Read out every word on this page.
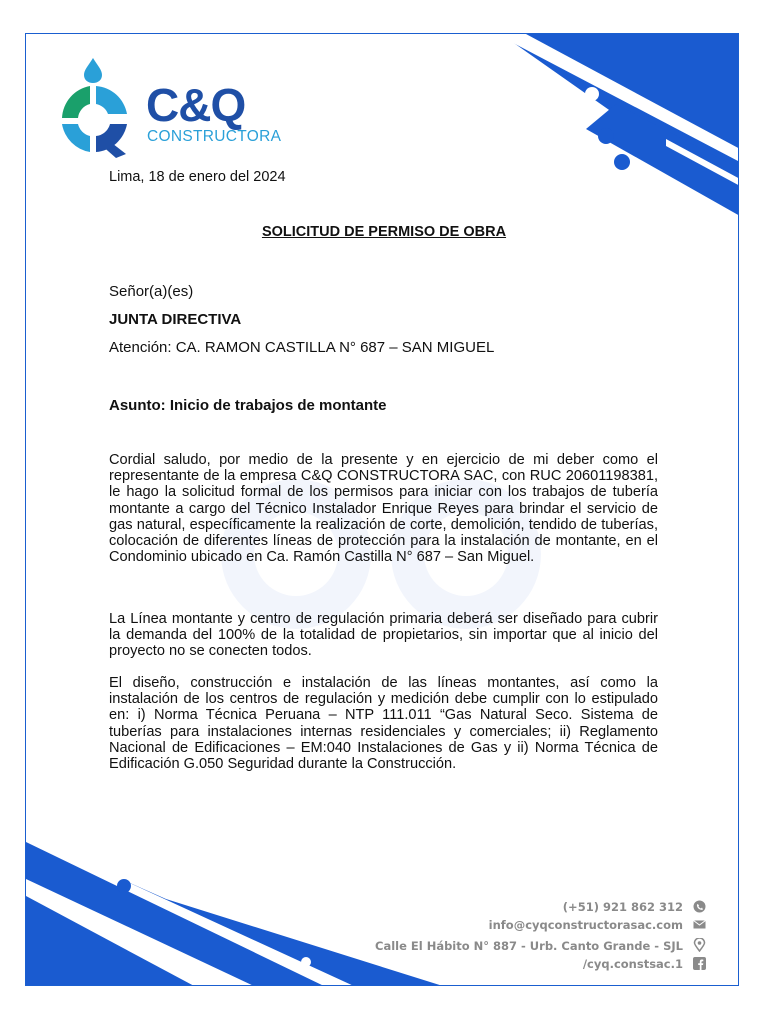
C&Q
CONSTRUCTORA
Lima, 18 de enero del 2024
SOLICITUD DE PERMISO DE OBRA
Señor(a)(es)
JUNTA DIRECTIVA
Atención: CA. RAMON CASTILLA N° 687 – SAN MIGUEL
Asunto: Inicio de trabajos de montante

Cordial saludo, por medio de la presente y en ejercicio de mi deber como el representante de la empresa C&Q CONSTRUCTORA SAC, con RUC 20601198381, le hago la solicitud formal de los permisos para iniciar con los trabajos de tubería montante a cargo del Técnico Instalador Enrique Reyes para brindar el servicio de gas natural, específicamente la realización de corte, demolición, tendido de tuberías, colocación de diferentes líneas de protección para la instalación de montante, en el Condominio ubicado en Ca. Ramón Castilla N° 687 – San Miguel.

La Línea montante y centro de regulación primaria deberá ser diseñado para cubrir la demanda del 100% de la totalidad de propietarios, sin importar que al inicio del proyecto no se conecten todos.

El diseño, construcción e instalación de las líneas montantes, así como la instalación de los centros de regulación y medición debe cumplir con lo estipulado en: i) Norma Técnica Peruana – NTP 111.011 “Gas Natural Seco. Sistema de tuberías para instalaciones internas residenciales y comerciales; ii) Reglamento Nacional de Edificaciones – EM:040 Instalaciones de Gas y ii) Norma Técnica de Edificación G.050 Seguridad durante la Construcción.

(+51) 921 862 312
info@cyqconstructorasac.com
Calle El Hábito N° 887 - Urb. Canto Grande - SJL
/cyq.constsac.1
